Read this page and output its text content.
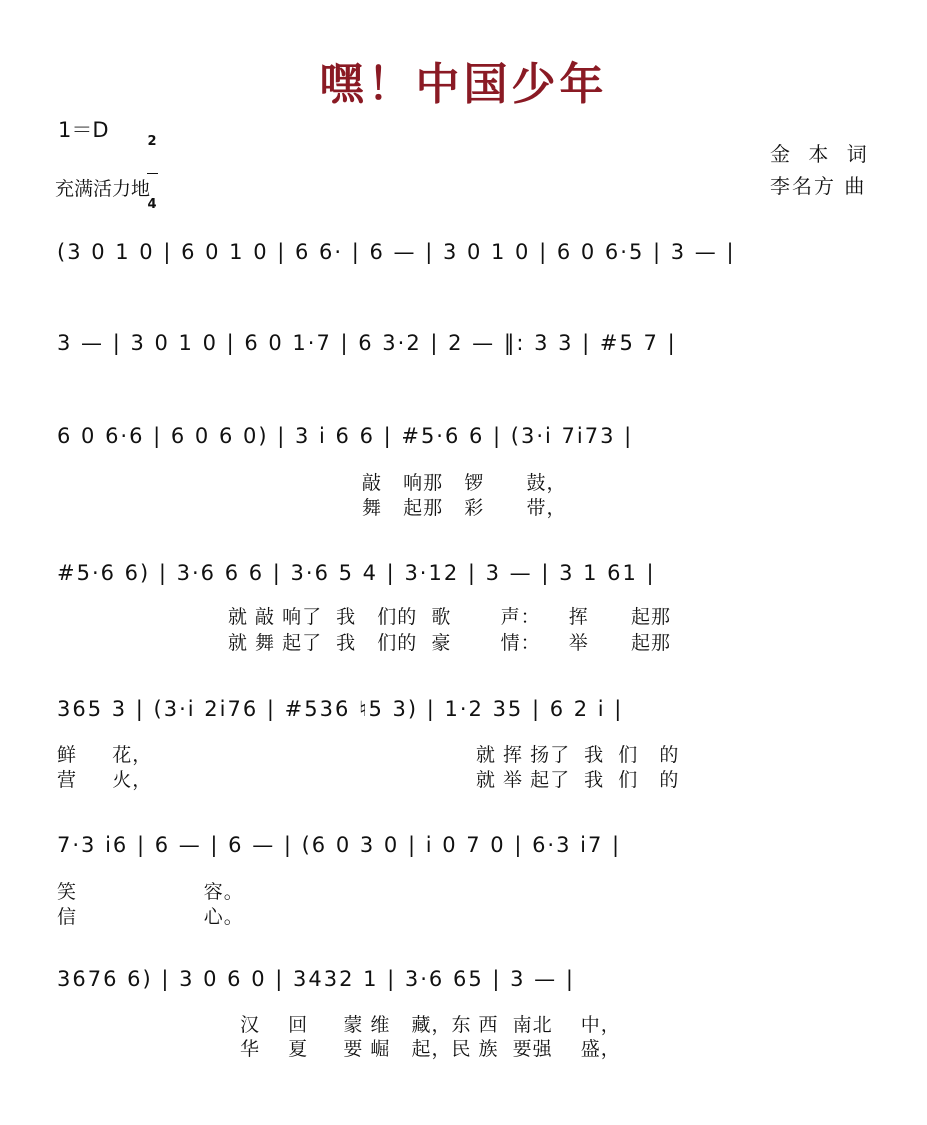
嘿！中国少年
1＝D

	2

4

充满活力地
金 本 词
李名方 曲
(3 0 1 0 | 6 0 1 0 | 6 6· | 6 — | 3 0 1 0 | 6 0 6·5 | 3 — |
3 — | 3 0 1 0 | 6 0 1·7 | 6 3·2 | 2 — ‖: 3 3 | #5 7 |
6 0 6·6 | 6 0 6 0) | 3 i 6 6 | #5·6 6 | (3·i 7i73 |
敲   响那   锣      鼓，
舞   起那   彩      带，
#5·6 6) | 3·6 6 6 | 3·6 5 4 | 3·12 | 3 — | 3 1 61 |
就 敲 响了  我   们的  歌       声：    挥      起那
就 舞 起了  我   们的  豪       情：    举      起那
365 3 | (3·i 2i76 | #536 ♮5 3) | 1·2 35 | 6 2 i |
鲜     花，                                              就 挥 扬了  我  们   的
营     火，                                              就 举 起了  我  们   的
7·3 i6 | 6 — | 6 — | (6 0 3 0 | i 0 7 0 | 6·3 i7 |
笑                  容。
信                  心。
3676 6) | 3 0 6 0 | 3432 1 | 3·6 65 | 3 — |
汉    回     蒙 维   藏，东 西  南北    中，
华    夏     要 崛   起，民 族  要强    盛，
